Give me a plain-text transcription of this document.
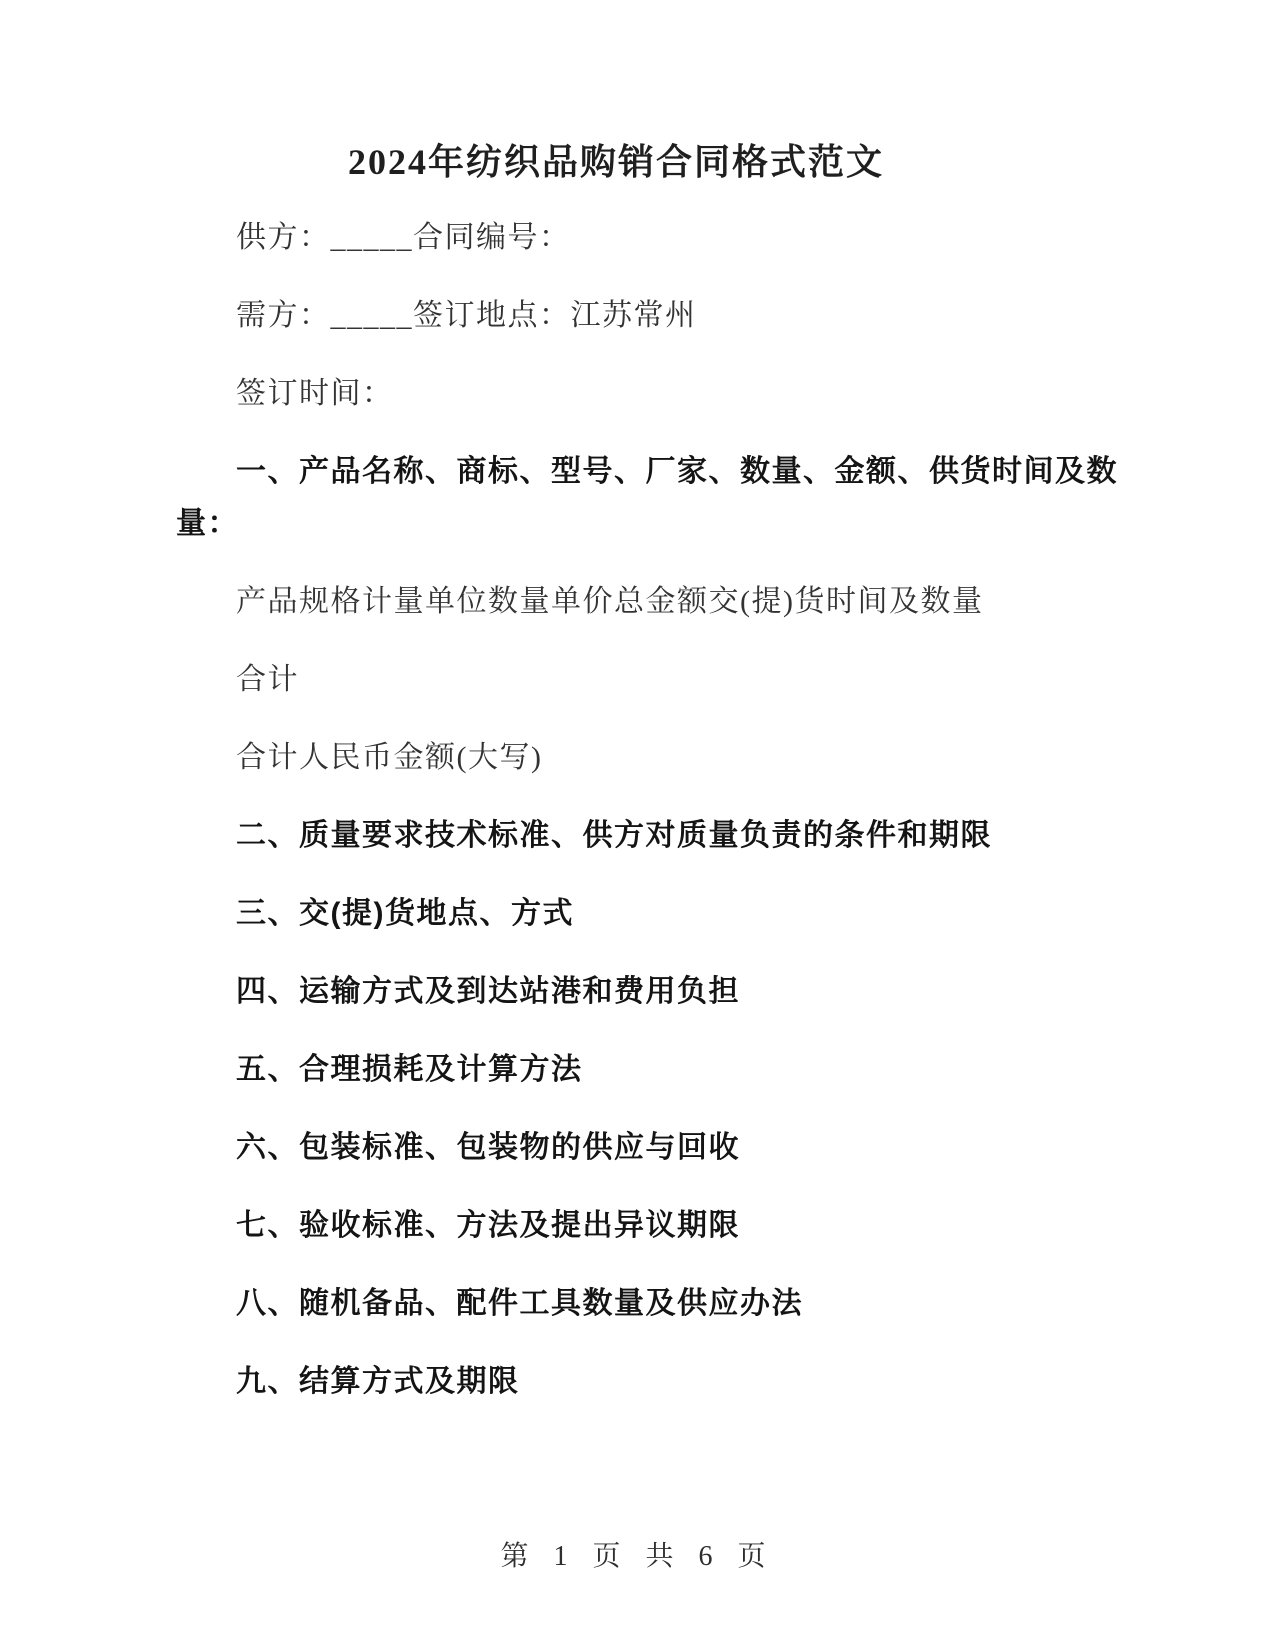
2024年纺织品购销合同格式范文

供方：_____合同编号：

需方：_____签订地点：江苏常州

签订时间：

一、产品名称、商标、型号、厂家、数量、金额、供货时间及数量：

产品规格计量单位数量单价总金额交(提)货时间及数量

合计

合计人民币金额(大写)

二、质量要求技术标准、供方对质量负责的条件和期限

三、交(提)货地点、方式

四、运输方式及到达站港和费用负担

五、合理损耗及计算方法

六、包装标准、包装物的供应与回收

七、验收标准、方法及提出异议期限

八、随机备品、配件工具数量及供应办法

九、结算方式及期限

第 1 页 共 6 页
